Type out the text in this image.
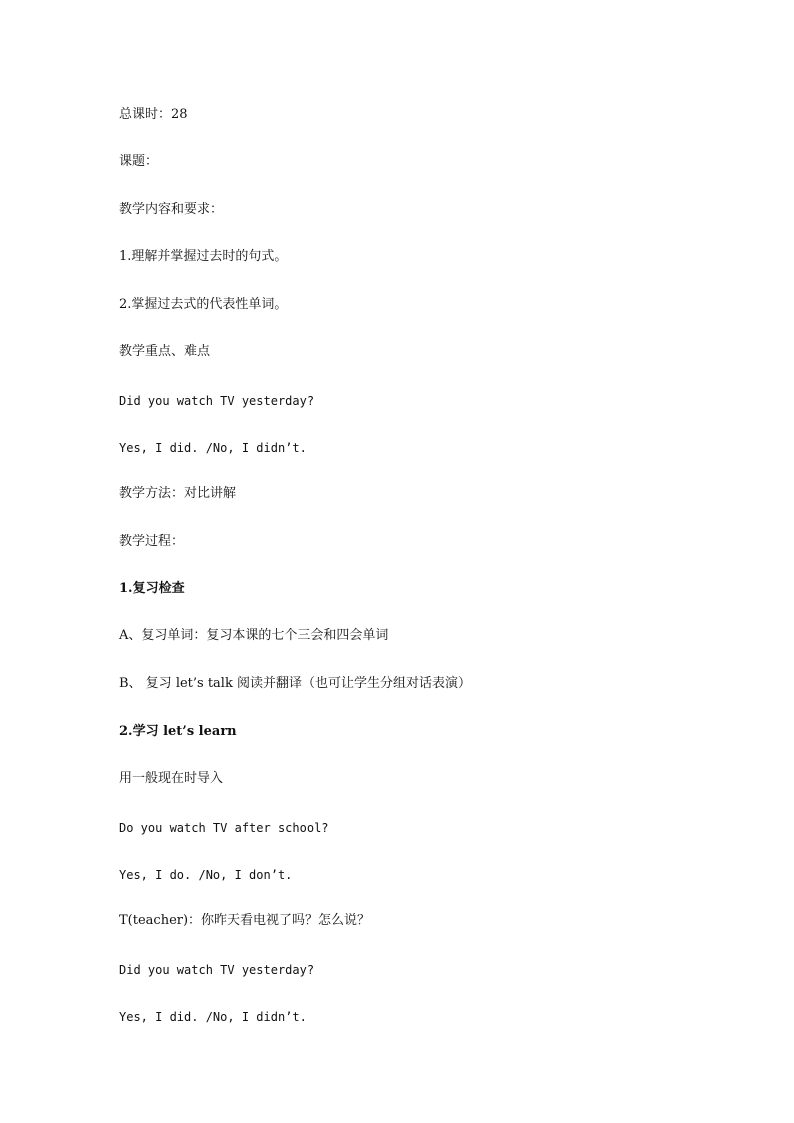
总课时：28
课题：
教学内容和要求：
1.理解并掌握过去时的句式。
2.掌握过去式的代表性单词。
教学重点、难点
Did you watch TV yesterday?
Yes, I did. /No, I didn’t.
教学方法：对比讲解
教学过程：
1.复习检查
A、复习单词：复习本课的七个三会和四会单词
B、 复习 let’s talk 阅读并翻译（也可让学生分组对话表演）
2.学习 let’s learn
用一般现在时导入
Do you watch TV after school?
Yes, I do. /No, I don’t.
T(teacher)：你昨天看电视了吗？怎么说？
Did you watch TV yesterday?
Yes, I did. /No, I didn’t.
